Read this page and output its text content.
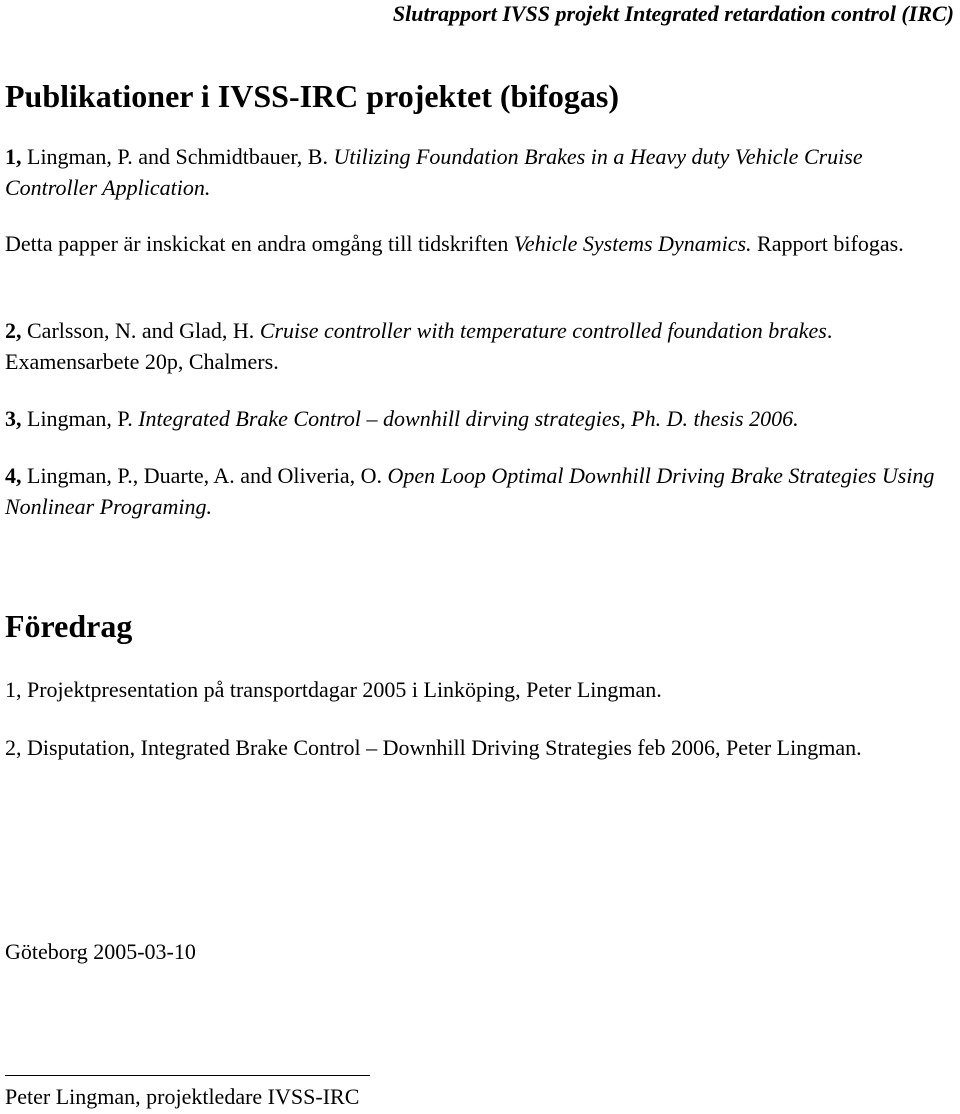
Slutrapport IVSS projekt Integrated retardation control (IRC)
Publikationer i IVSS-IRC projektet (bifogas)

1, Lingman, P. and Schmidtbauer, B. Utilizing Foundation Brakes in a Heavy duty Vehicle Cruise Controller Application.

Detta papper är inskickat en andra omgång till tidskriften Vehicle Systems Dynamics. Rapport bifogas.

2, Carlsson, N. and Glad, H. Cruise controller with temperature controlled foundation brakes. Examensarbete 20p, Chalmers.

3, Lingman, P. Integrated Brake Control – downhill dirving strategies, Ph. D. thesis 2006.

4, Lingman, P., Duarte, A. and Oliveria, O. Open Loop Optimal Downhill Driving Brake Strategies Using Nonlinear Programing.

Föredrag

1, Projektpresentation på transportdagar 2005 i Linköping, Peter Lingman.

2, Disputation, Integrated Brake Control – Downhill Driving Strategies feb 2006, Peter Lingman.

Göteborg 2005-03-10

Peter Lingman, projektledare IVSS-IRC
